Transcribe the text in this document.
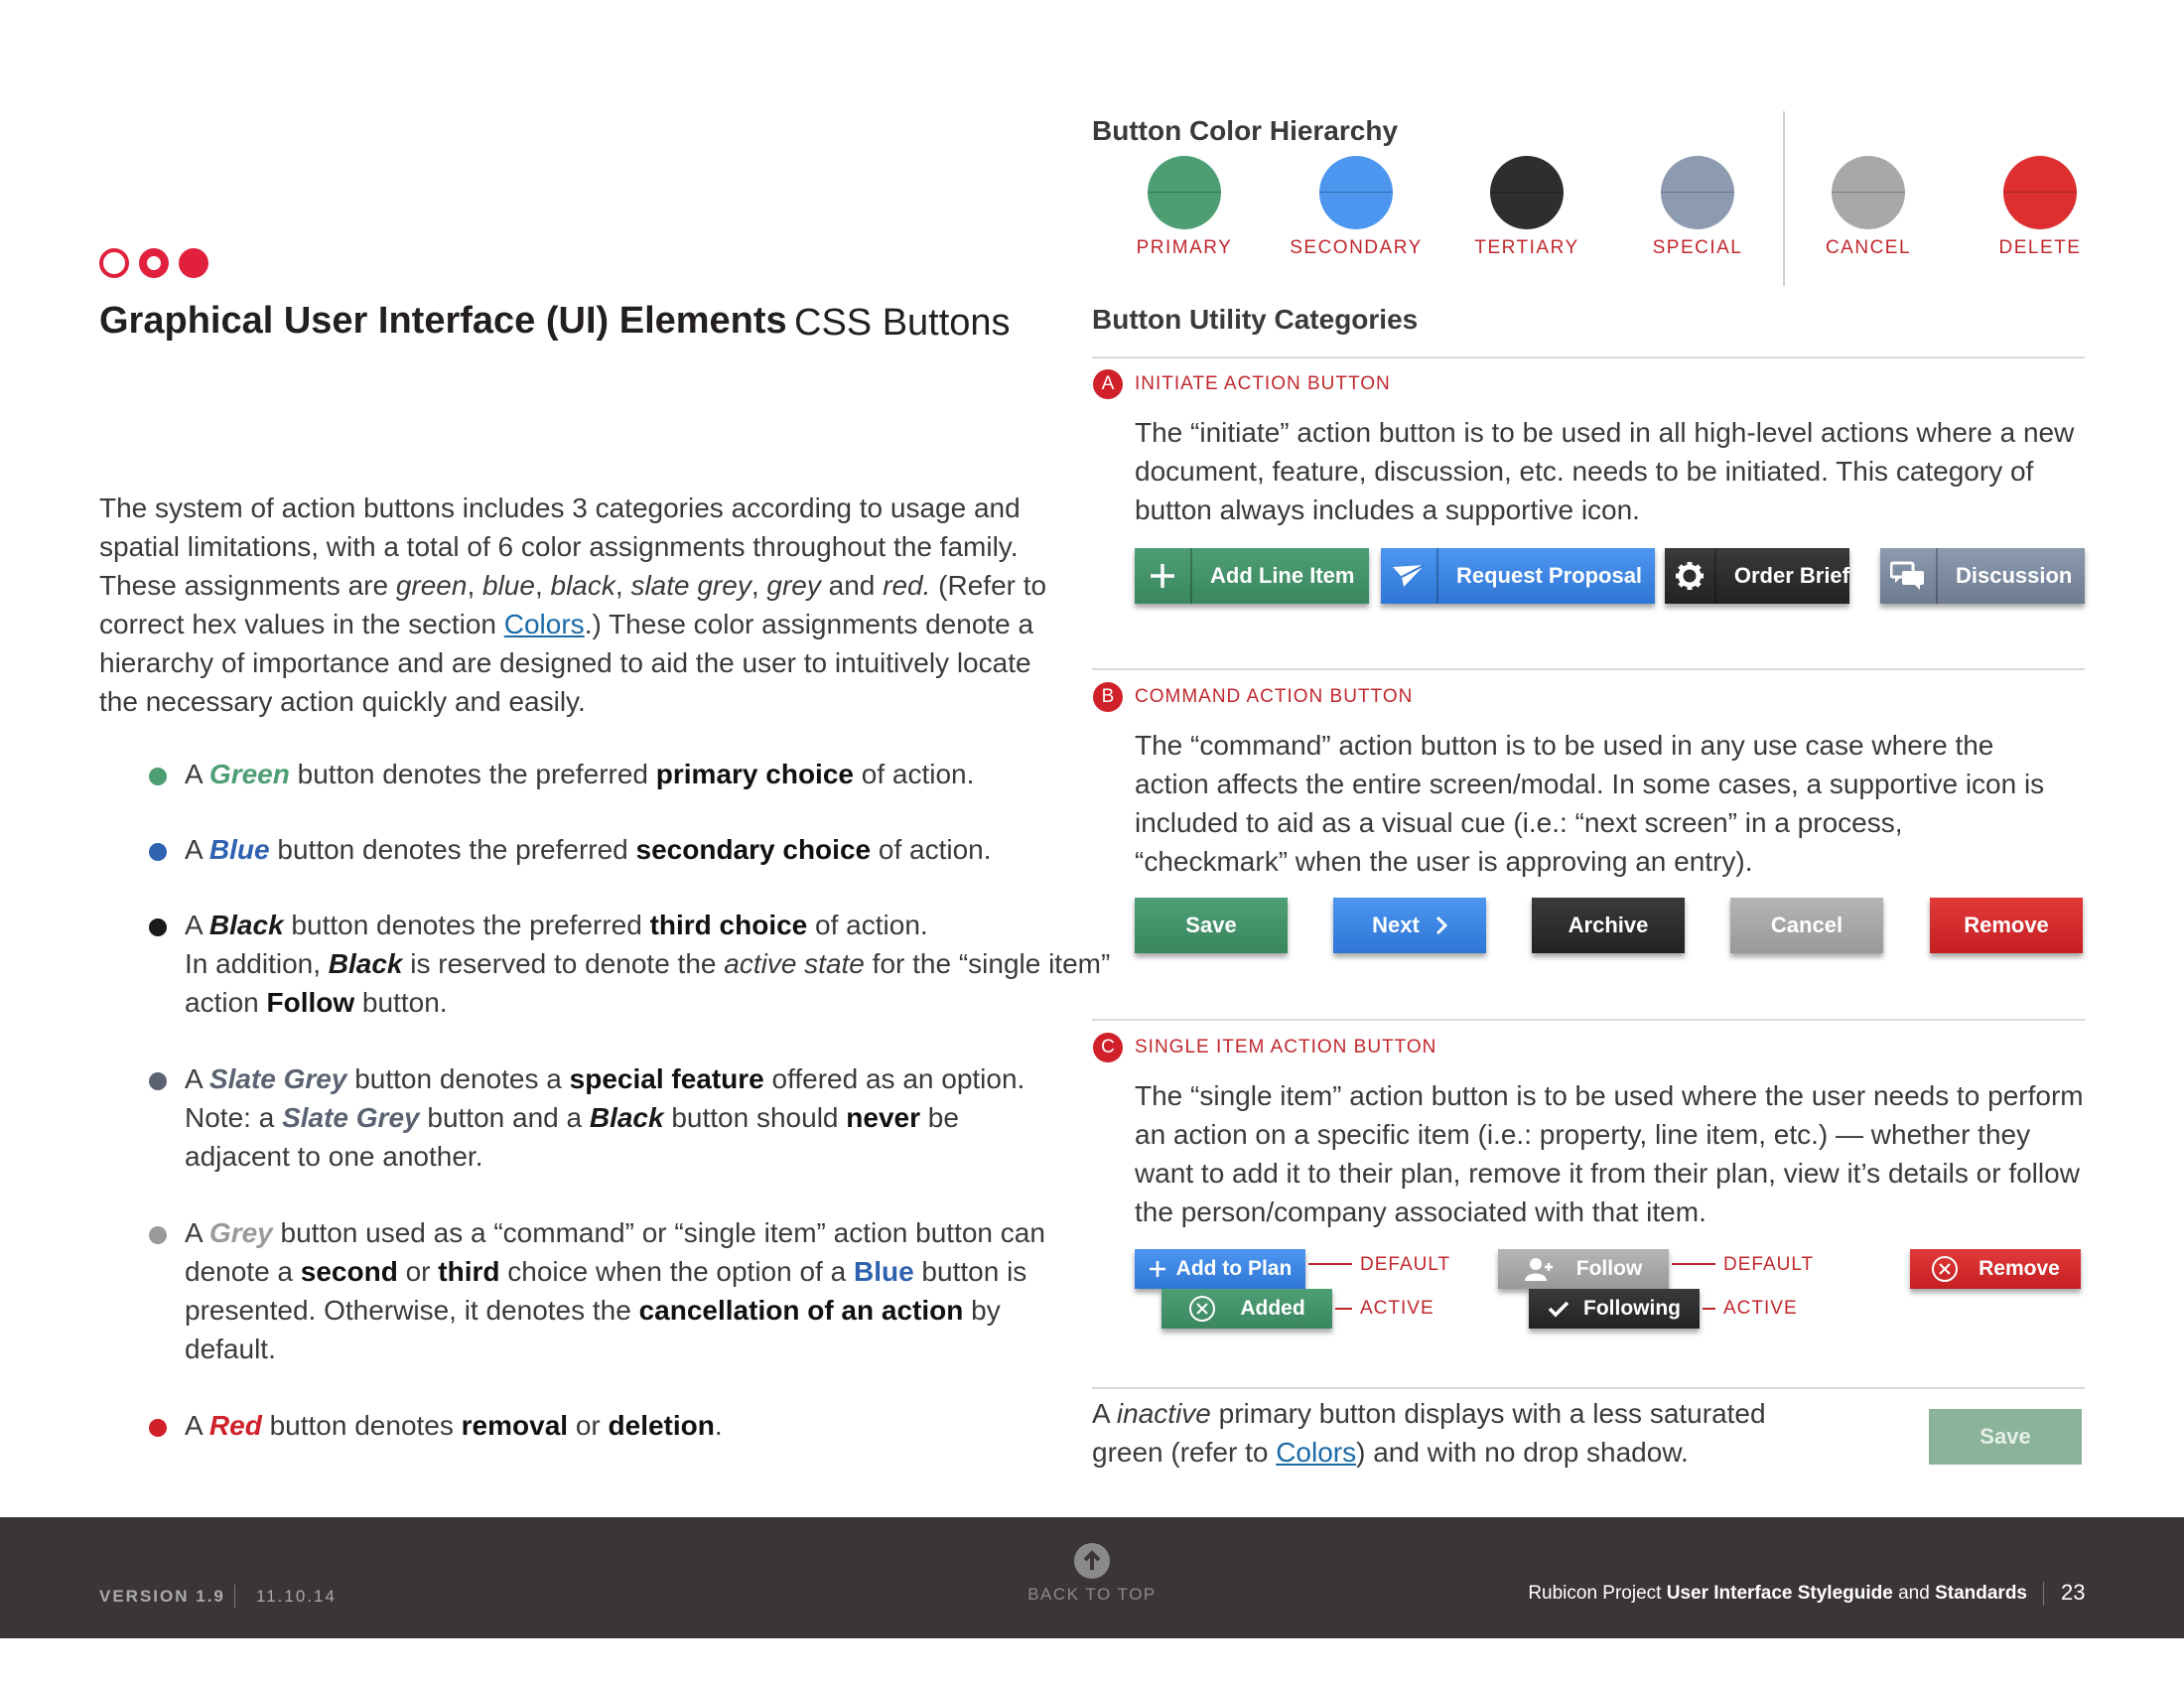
Graphical User Interface (UI) Elements CSS Buttons
The system of action buttons includes 3 categories according to usage and spatial limitations, with a total of 6 color assignments throughout the family. These assignments are green, blue, black, slate grey, grey and red. (Refer to correct hex values in the section Colors.) These color assignments denote a hierarchy of importance and are designed to aid the user to intuitively locate the necessary action quickly and easily.
A Green button denotes the preferred primary choice of action.
A Blue button denotes the preferred secondary choice of action.
A Black button denotes the preferred third choice of action.
In addition, Black is reserved to denote the active state for the “single item” action Follow button.
A Slate Grey button denotes a special feature offered as an option. Note: a Slate Grey button and a Black button should never be adjacent to one another.
A Grey button used as a “command” or “single item” action button can denote a second or third choice when the option of a Blue button is presented. Otherwise, it denotes the cancellation of an action by default.
A Red button denotes removal or deletion.
Button Color Hierarchy
PRIMARY	SECONDARY	TERTIARY	SPECIAL	CANCEL	DELETE
Button Utility Categories
A	INITIATE ACTION BUTTON
The “initiate” action button is to be used in all high-level actions where a new document, feature, discussion, etc. needs to be initiated. This category of button always includes a supportive icon.
Add Line Item	Request Proposal	Order Brief	Discussion
B	COMMAND ACTION BUTTON
The “command” action button is to be used in any use case where the action affects the entire screen/modal. In some cases, a supportive icon is included to aid as a visual cue (i.e.: “next screen” in a process, “checkmark” when the user is approving an entry).
Save	Next	Archive	Cancel	Remove
C	SINGLE ITEM ACTION BUTTON
The “single item” action button is to be used where the user needs to perform an action on a specific item (i.e.: property, line item, etc.) — whether they want to add it to their plan, remove it from their plan, view it’s details or follow the person/company associated with that item.
Add to Plan
Added
DEFAULT
ACTIVE
Follow
Following
DEFAULT
ACTIVE
Remove
A inactive primary button displays with a less saturated green (refer to Colors) and with no drop shadow.
Save
VERSION 1.9 11.10.14	BACK TO TOP	Rubicon Project User Interface Styleguide and Standards 23
